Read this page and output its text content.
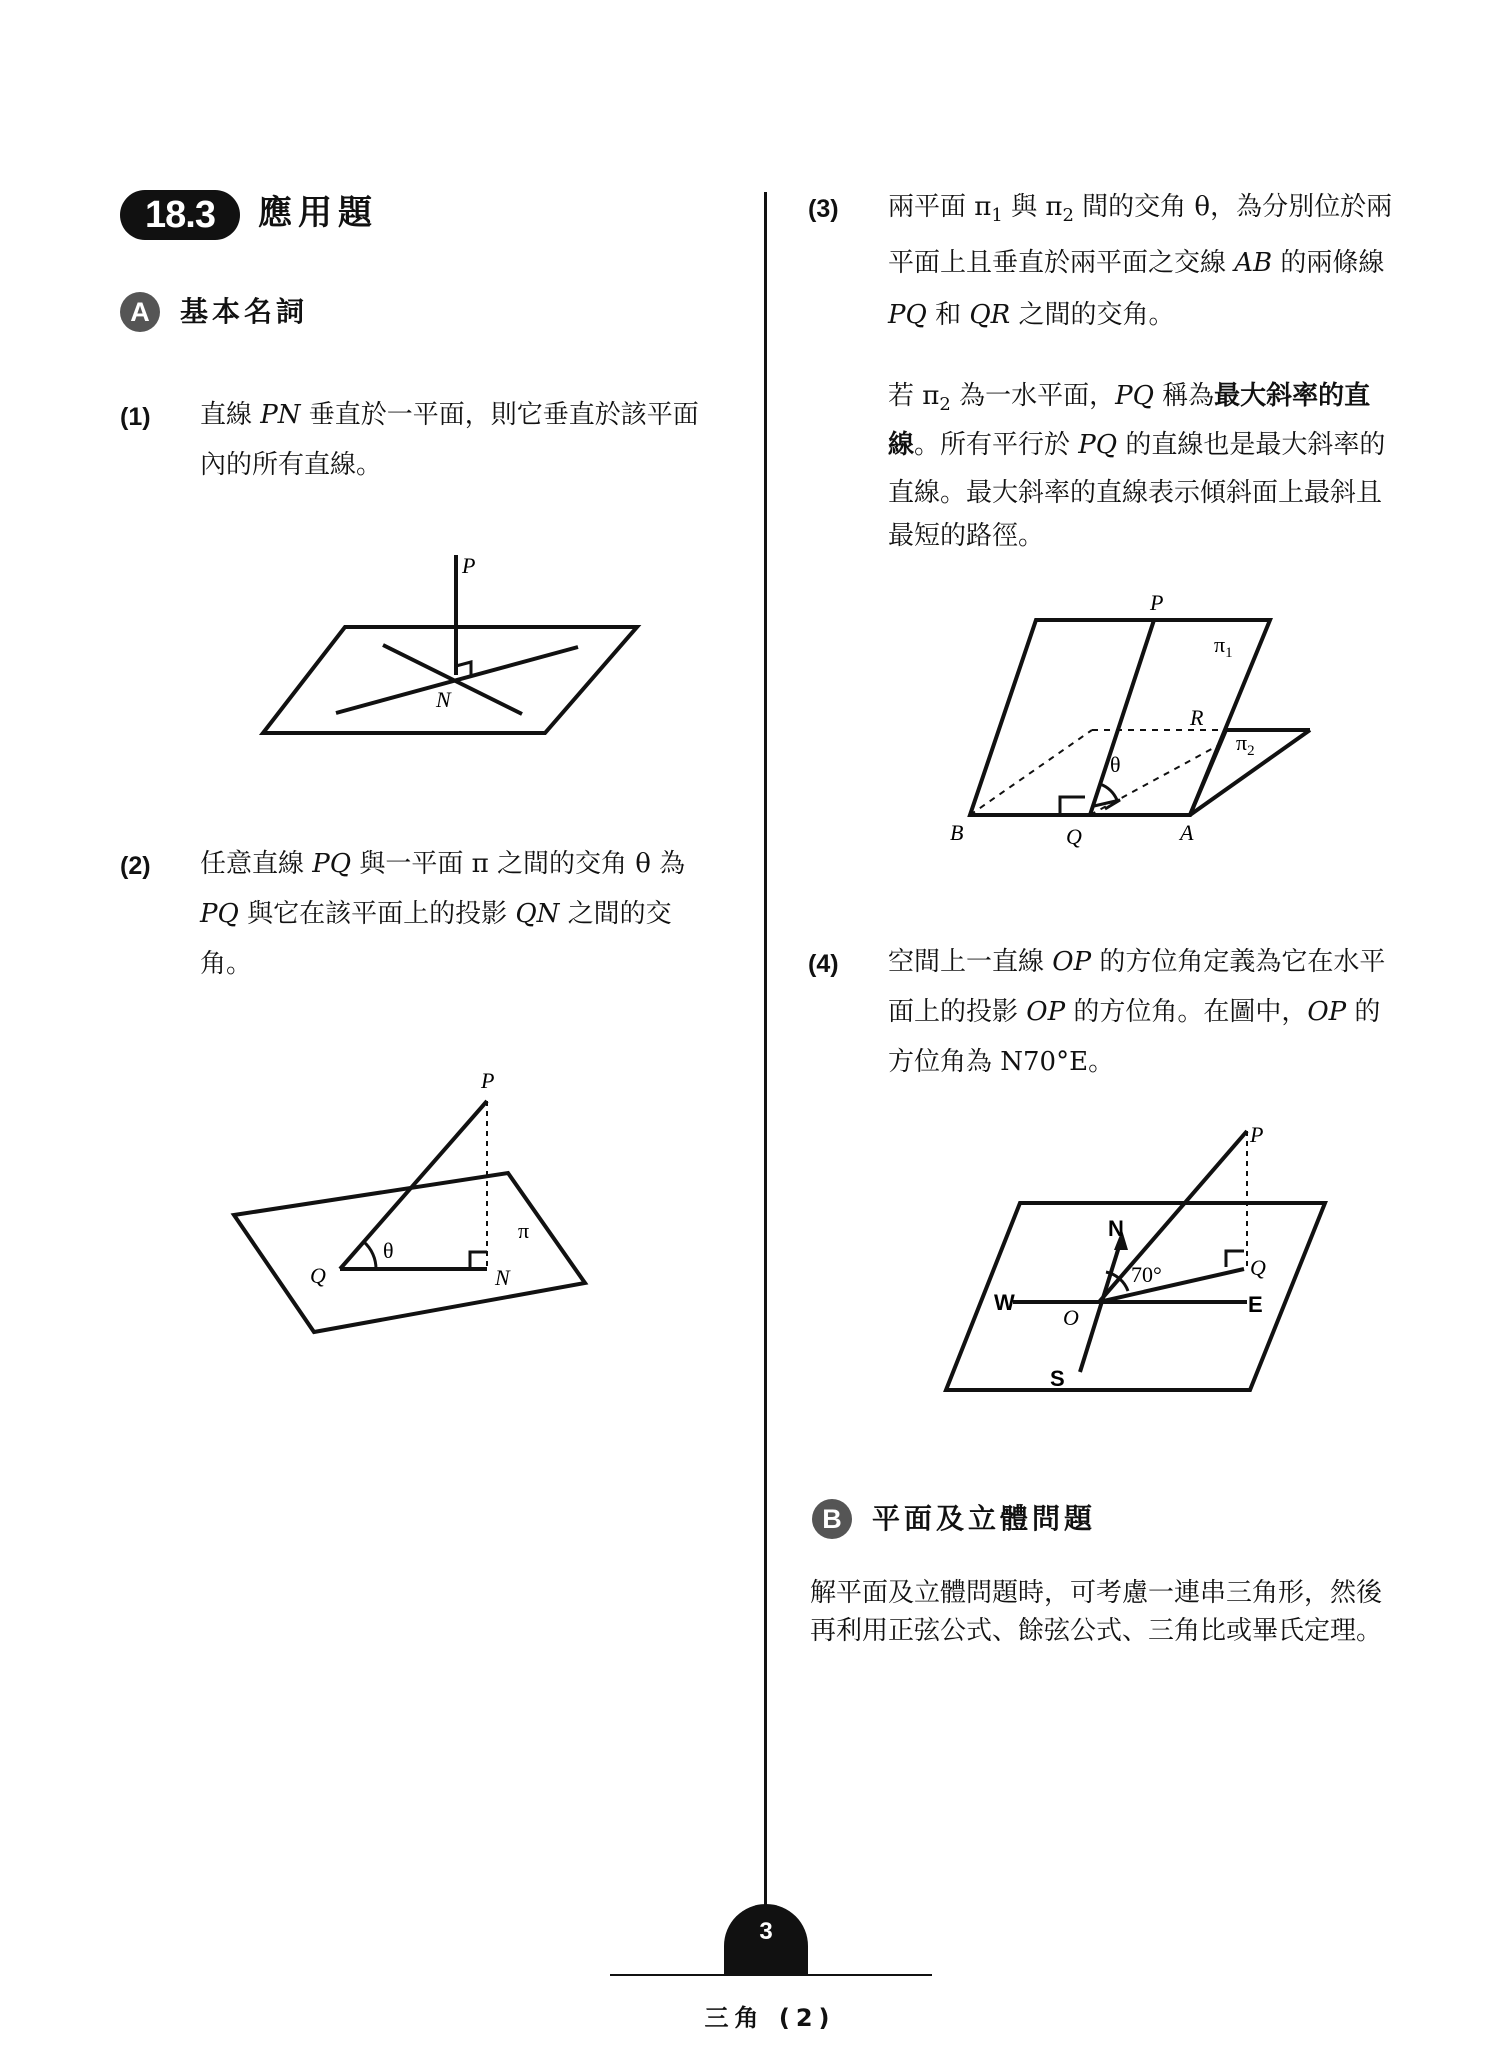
18.3	應用題
A	基本名詞
(1) 直線 PN 垂直於一平面，則它垂直於該平面
內的所有直線。
P
N
(2) 任意直線 PQ 與一平面 π 之間的交角 θ 為
PQ 與它在該平面上的投影 QN 之間的交
角。
P
Q	N
θ
π
(3) 兩平面 $\pi_1$ 與 $\pi_2$ 間的交角 θ，為分別位於兩
平面上且垂直於兩平面之交線 AB 的兩條線
PQ 和 QR 之間的交角。
若 $\pi_2$ 為一水平面，PQ 稱為最大斜率的直
線。所有平行於 PQ 的直線也是最大斜率的
直線。最大斜率的直線表示傾斜面上最斜且
最短的路徑。
P
R
B	Q	A
θ
$\pi_1$
$\pi_2$
(4) 空間上一直線 OP 的方位角定義為它在水平
面上的投影 OP 的方位角。在圖中，OP 的
方位角為 N70°E。
P
N
S
W	E
O
Q
70°
B	平面及立體問題
解平面及立體問題時，可考慮一連串三角形，然後
再利用正弦公式、餘弦公式、三角比或畢氏定理。
3
三角 (2)
